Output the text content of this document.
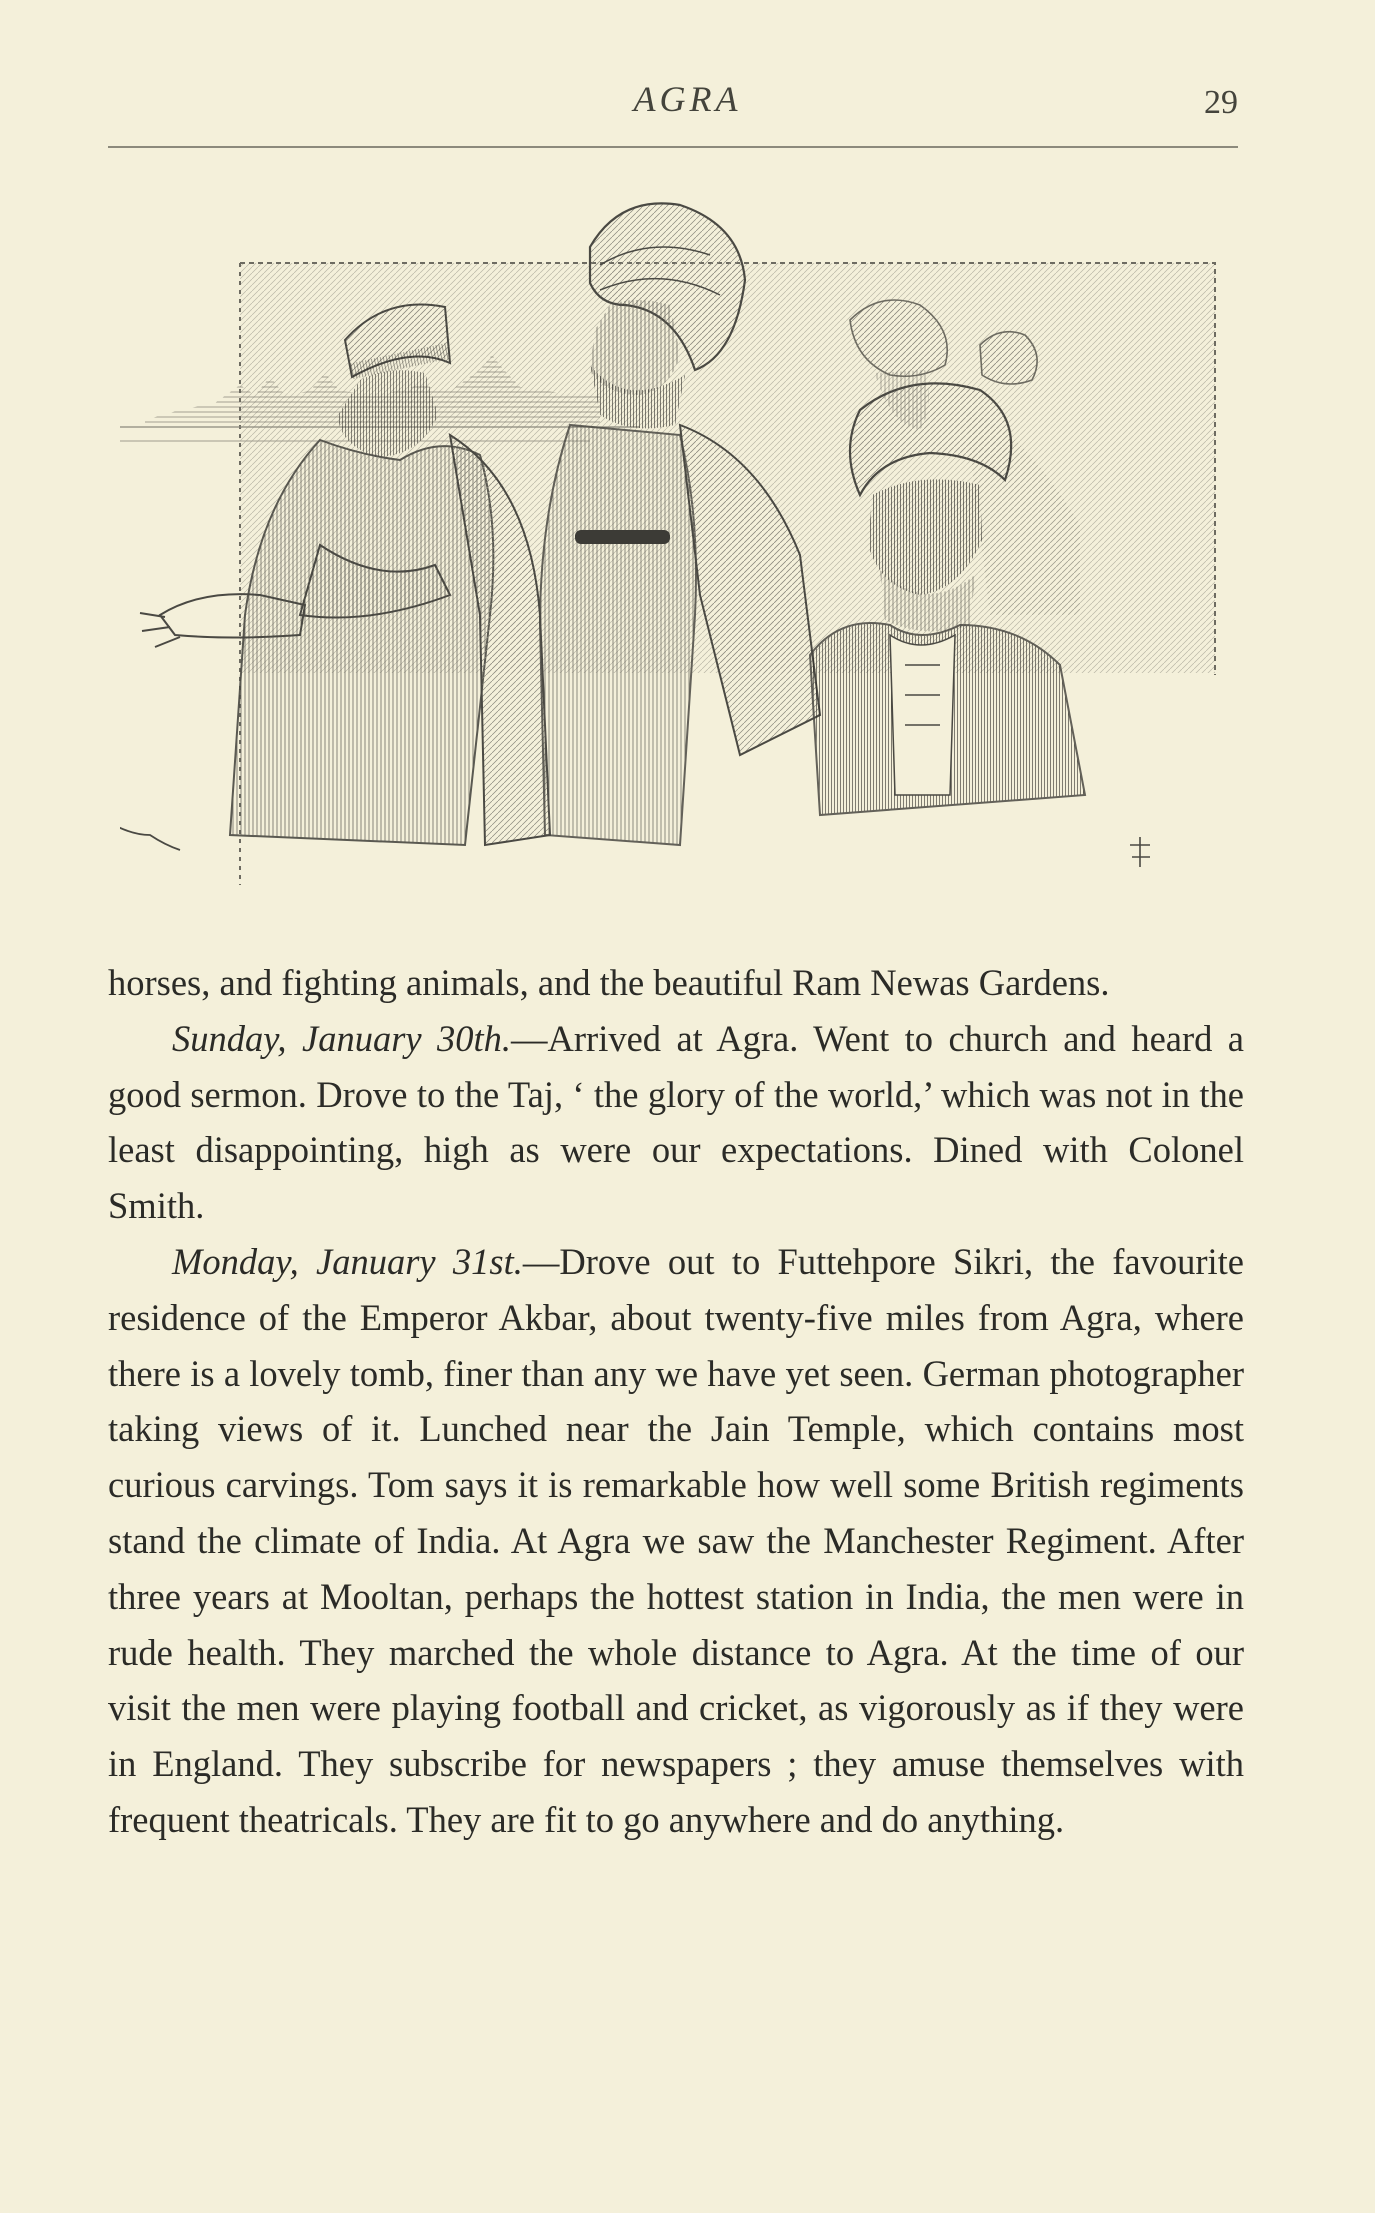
AGRA	29

horses, and fighting animals, and the beautiful Ram Newas Gardens.

Sunday, January 30th.—Arrived at Agra. Went to church and heard a good sermon. Drove to the Taj, ‘ the glory of the world,’ which was not in the least disappointing, high as were our expectations. Dined with Colonel Smith.

Monday, January 31st.—Drove out to Futtehpore Sikri, the favourite residence of the Emperor Akbar, about twenty-five miles from Agra, where there is a lovely tomb, finer than any we have yet seen. German photographer taking views of it. Lunched near the Jain Temple, which contains most curious carvings. Tom says it is remarkable how well some British regiments stand the climate of India. At Agra we saw the Manchester Regiment. After three years at Mooltan, perhaps the hottest station in India, the men were in rude health. They marched the whole distance to Agra. At the time of our visit the men were playing football and cricket, as vigorously as if they were in England. They subscribe for newspapers ; they amuse themselves with frequent theatricals. They are fit to go anywhere and do anything.
